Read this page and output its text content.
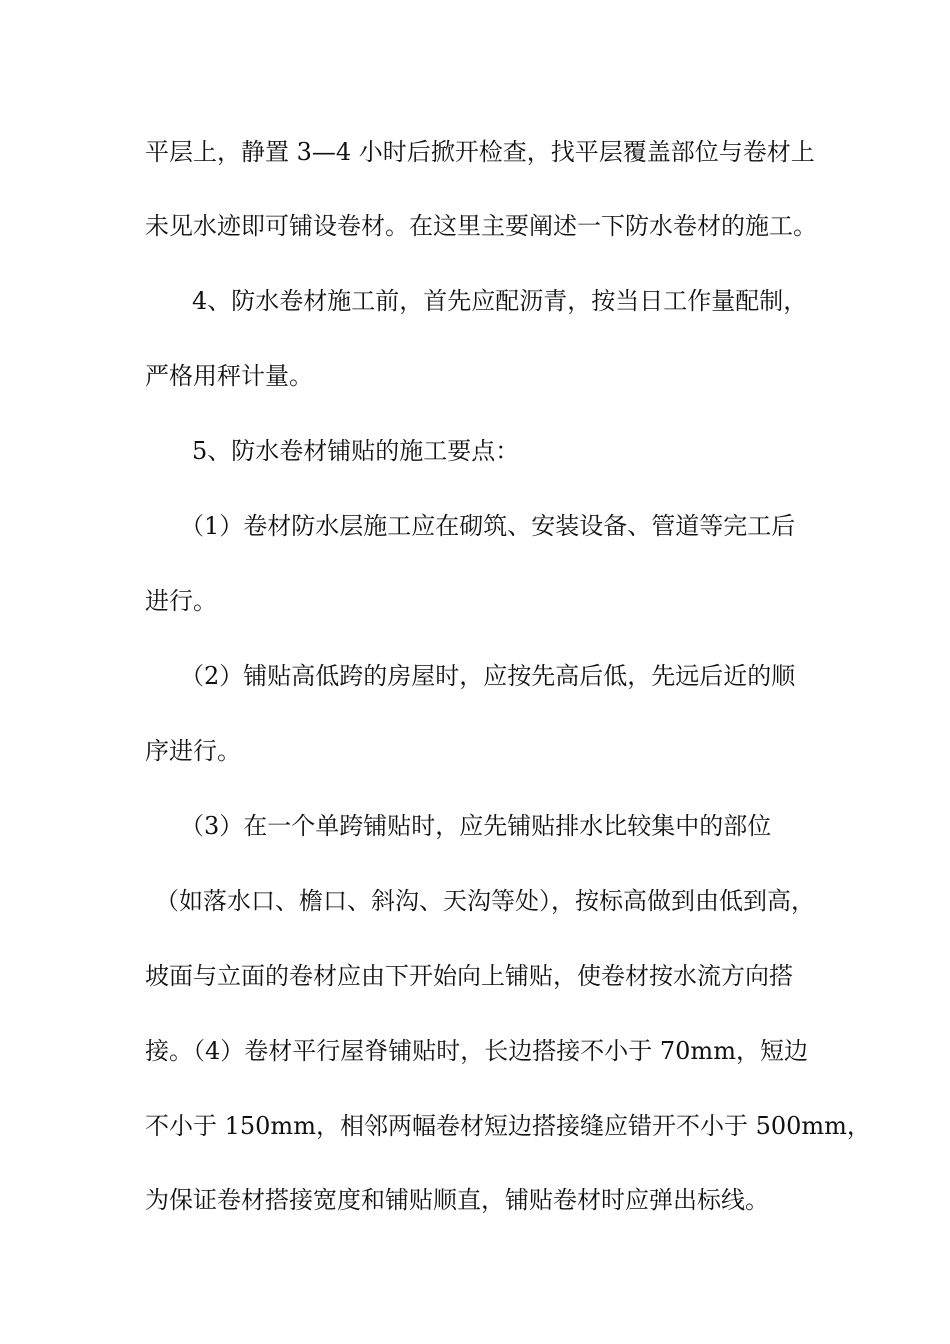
平层上，静置 3—4 小时后掀开检查，找平层覆盖部位与卷材上
未见水迹即可铺设卷材。在这里主要阐述一下防水卷材的施工。
4、防水卷材施工前，首先应配沥青，按当日工作量配制，
严格用秤计量。
5、防水卷材铺贴的施工要点：
（1）卷材防水层施工应在砌筑、安装设备、管道等完工后
进行。
（2）铺贴高低跨的房屋时，应按先高后低，先远后近的顺
序进行。
（3）在一个单跨铺贴时，应先铺贴排水比较集中的部位
（如落水口、檐口、斜沟、天沟等处），按标高做到由低到高，
坡面与立面的卷材应由下开始向上铺贴，使卷材按水流方向搭
接。（4）卷材平行屋脊铺贴时，长边搭接不小于 70mm，短边
不小于 150mm，相邻两幅卷材短边搭接缝应错开不小于 500mm，
为保证卷材搭接宽度和铺贴顺直，铺贴卷材时应弹出标线。
